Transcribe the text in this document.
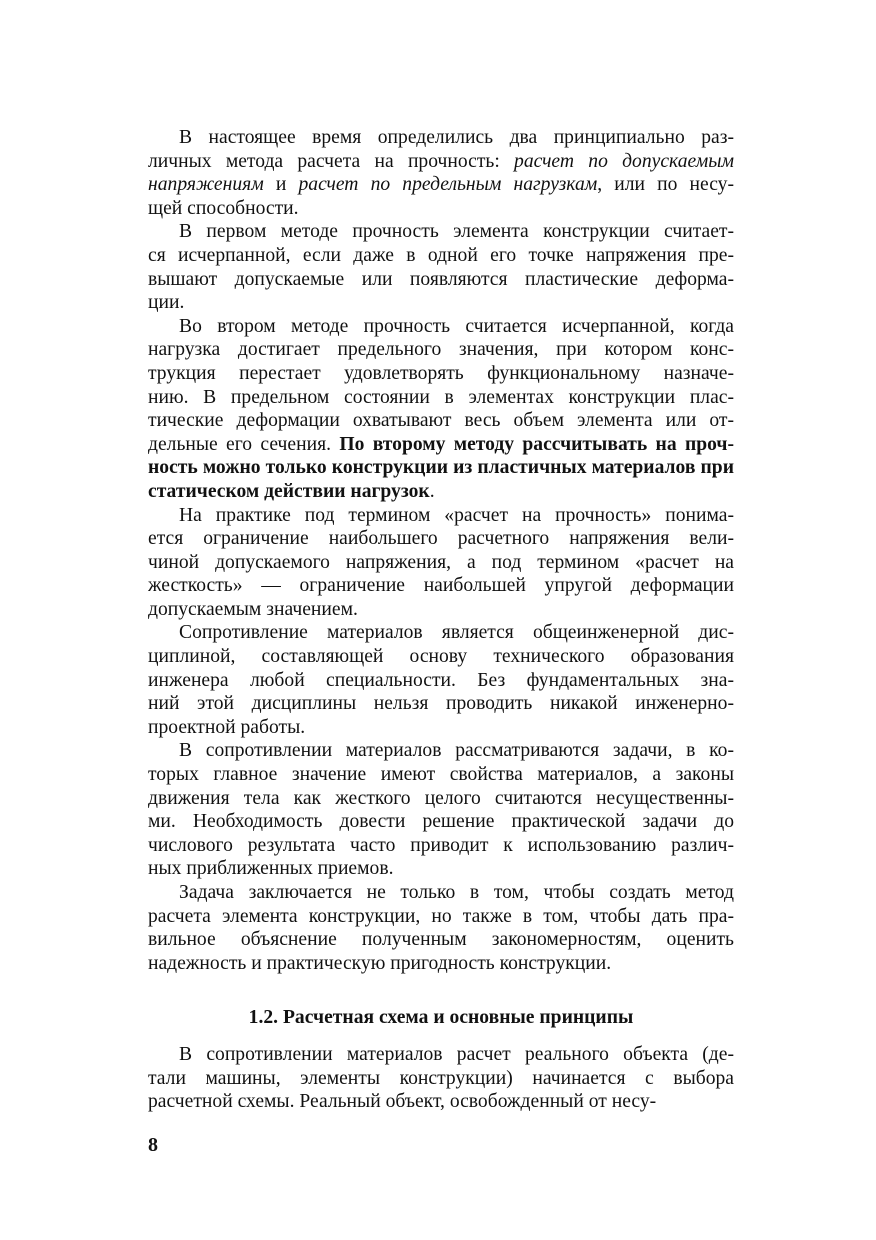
В настоящее время определились два принципиально раз-
личных метода расчета на прочность: расчет по допускаемым
напряжениям и расчет по предельным нагрузкам, или по несу-
щей способности.
В первом методе прочность элемента конструкции считает-
ся исчерпанной, если даже в одной его точке напряжения пре-
вышают допускаемые или появляются пластические деформа-
ции.
Во втором методе прочность считается исчерпанной, когда
нагрузка достигает предельного значения, при котором конс-
трукция перестает удовлетворять функциональному назначе-
нию. В предельном состоянии в элементах конструкции плас-
тические деформации охватывают весь объем элемента или от-
дельные его сечения. По второму методу рассчитывать на проч-
ность можно только конструкции из пластичных материалов при
статическом действии нагрузок.
На практике под термином «расчет на прочность» понима-
ется ограничение наибольшего расчетного напряжения вели-
чиной допускаемого напряжения, а под термином «расчет на
жесткость» — ограничение наибольшей упругой деформации
допускаемым значением.
Сопротивление материалов является общеинженерной дис-
циплиной, составляющей основу технического образования
инженера любой специальности. Без фундаментальных зна-
ний этой дисциплины нельзя проводить никакой инженерно-
проектной работы.
В сопротивлении материалов рассматриваются задачи, в ко-
торых главное значение имеют свойства материалов, а законы
движения тела как жесткого целого считаются несущественны-
ми. Необходимость довести решение практической задачи до
числового результата часто приводит к использованию различ-
ных приближенных приемов.
Задача заключается не только в том, чтобы создать метод
расчета элемента конструкции, но также в том, чтобы дать пра-
вильное объяснение полученным закономерностям, оценить
надежность и практическую пригодность конструкции.
1.2. Расчетная схема и основные принципы
В сопротивлении материалов расчет реального объекта (де-
тали машины, элементы конструкции) начинается с выбора
расчетной схемы. Реальный объект, освобожденный от несу-
8
